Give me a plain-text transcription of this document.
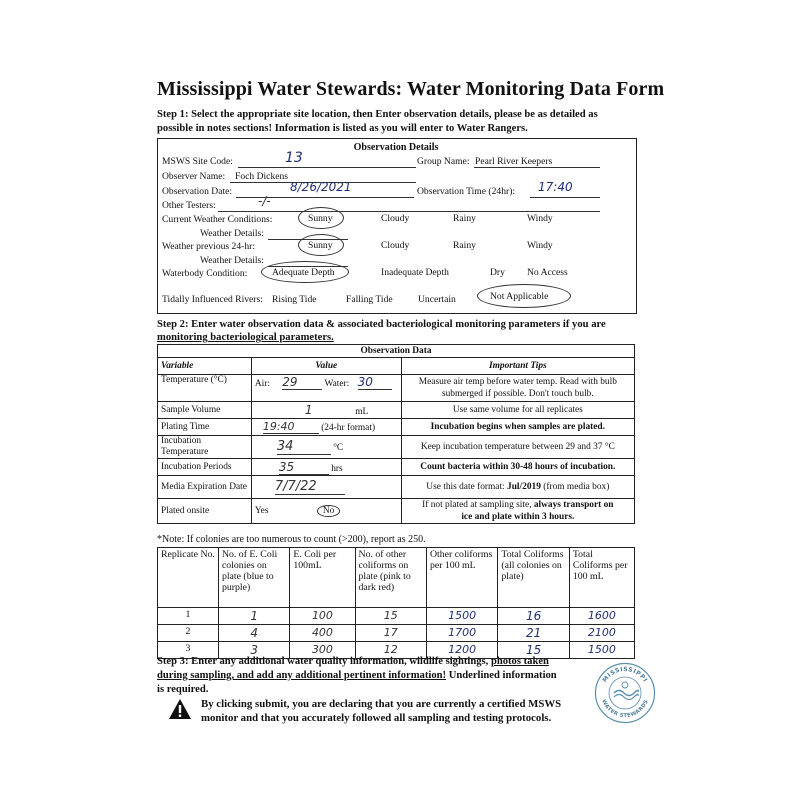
Mississippi Water Stewards: Water Monitoring Data Form
Step 1: Select the appropriate site location, then Enter observation details, please be as detailed as
possible in notes sections! Information is listed as you will enter to Water Rangers.
Observation Details
MSWS Site Code:	13	Group Name: Pearl River Keepers
Observer Name: Foch Dickens
Observation Date:	8/26/2021	Observation Time (24hr): 17:40
Other Testers:	-/-
Current Weather Conditions:	Sunny	Cloudy	Rainy	Windy
Weather Details:
Weather previous 24-hr:	Sunny	Cloudy	Rainy	Windy
Weather Details:
Waterbody Condition:	Adequate Depth	Inadequate Depth	Dry No Access
Tidally Influenced Rivers: Rising Tide	Falling Tide	Uncertain	Not Applicable
Step 2: Enter water observation data & associated bacteriological monitoring parameters if you are
monitoring bacteriological parameters.
Observation Data		
Variable	Value	Important Tips
Temperature (°C)	Air: 29 Water: 30	Measure air temp before water temp. Read with bulb
submerged if possible. Don't touch bulb.

Sample Volume	1 mL	Use same volume for all replicates
Plating Time	19:40 (24-hr format)	Incubation begins when samples are plated.
Incubation Temperature	34 °C	Keep incubation temperature between 29 and 37 °C
Incubation Periods	35 hrs	Count bacteria within 30-48 hours of incubation.
Media Expiration Date	7/7/22	Use this date format: Jul/2019 (from media box)
Plated onsite	Yes No	If not plated at sampling site, always transport on
ice and plate within 3 hours.
*Note: If colonies are too numerous to count (>200), report as 250.
Replicate No.	No. of E. Coli colonies on plate (blue to purple)	E. Coli per 100mL	No. of other coliforms on plate (pink to dark red)	Other coliforms per 100 mL	Total Coliforms (all colonies on plate)	Total Coliforms per 100 mL
1	1	100	15	1500	16	1600
2	4	400	17	1700	21	2100
3	3	300	12	1200	15	1500
Step 3: Enter any additional water quality information, wildlife sightings, photos taken
during sampling, and add any additional pertinent information! Underlined information
is required.
By clicking submit, you are declaring that you are currently a certified MSWS
monitor and that you accurately followed all sampling and testing protocols.
MISSISSIPPI
WATER STEWARDS
